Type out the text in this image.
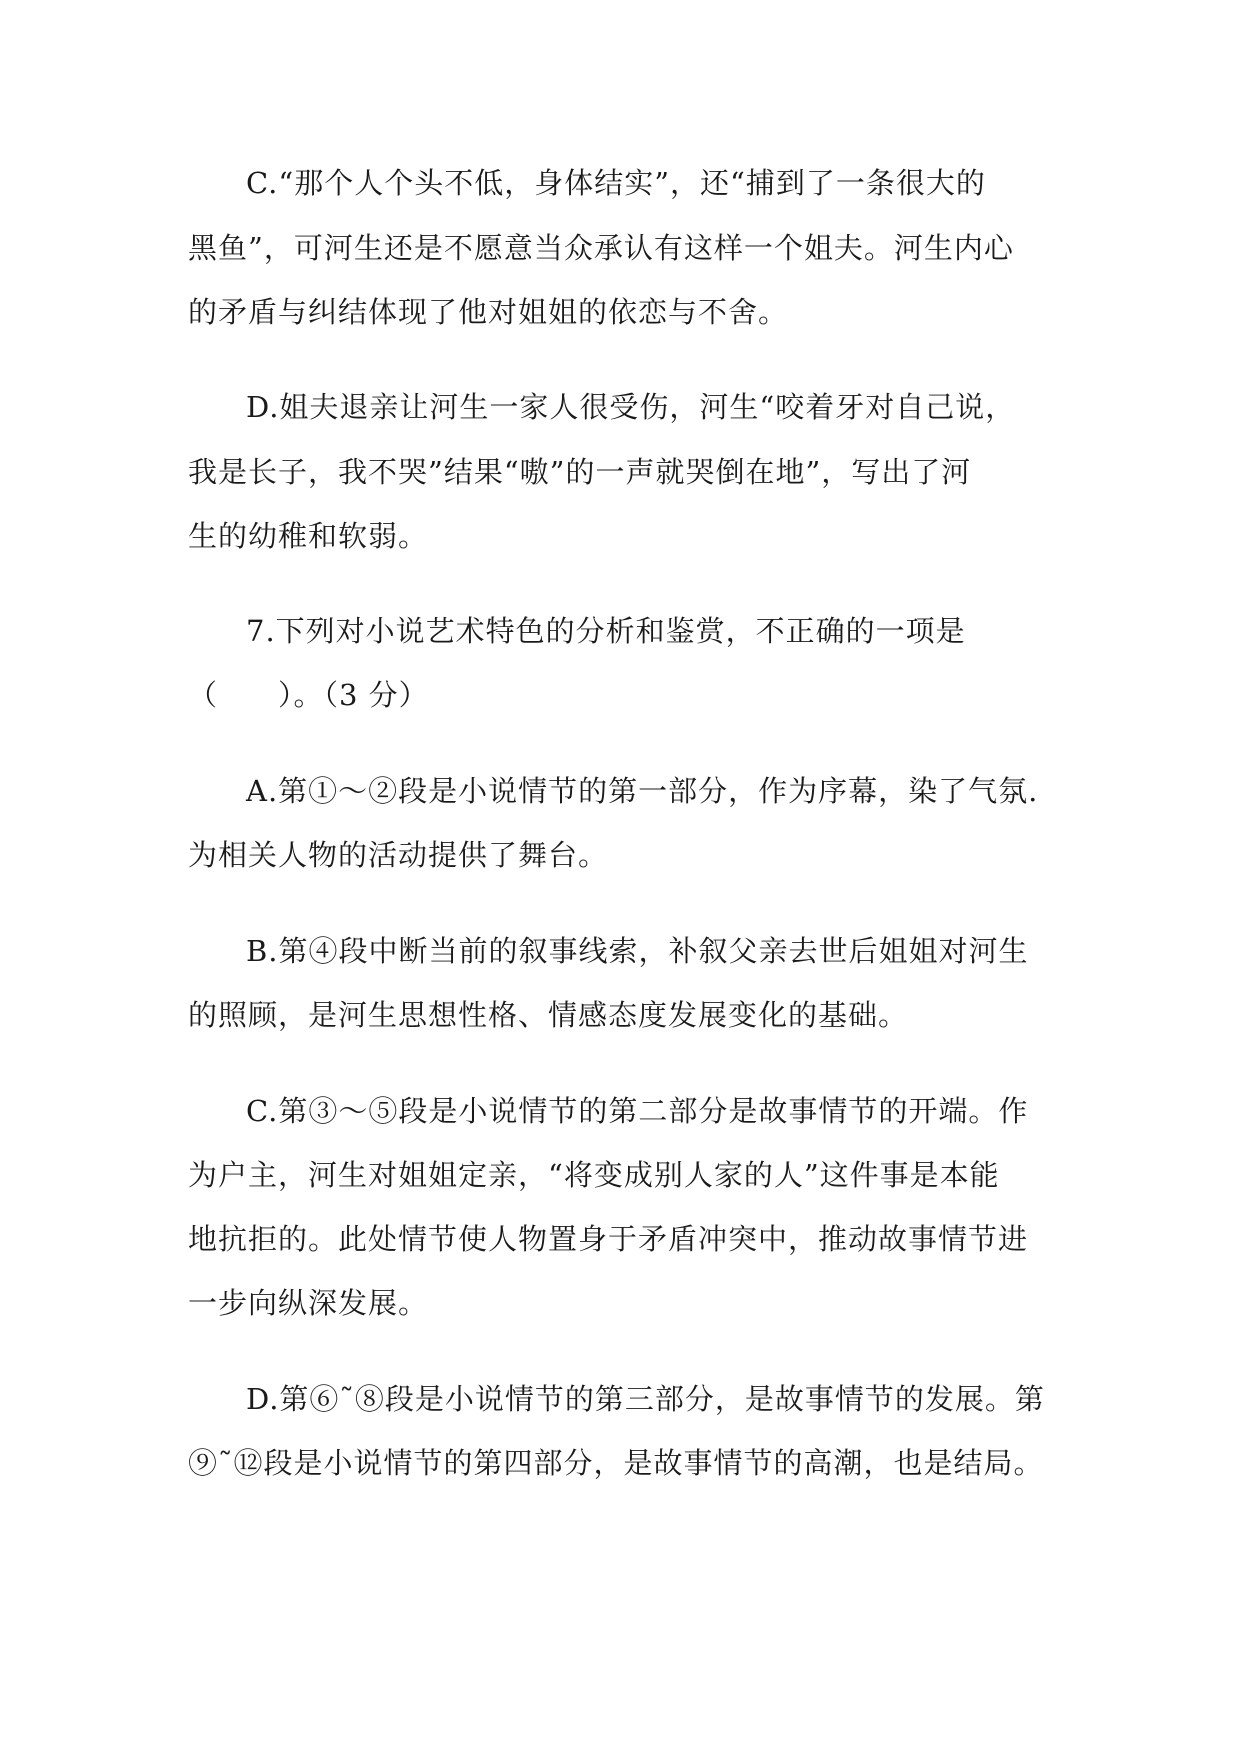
C.“那个人个头不低，身体结实”，还“捕到了一条很大的
黑鱼”，可河生还是不愿意当众承认有这样一个姐夫。河生内心
的矛盾与纠结体现了他对姐姐的依恋与不舍。
D.姐夫退亲让河生一家人很受伤，河生“咬着牙对自己说，
我是长子，我不哭”结果“嗷”的一声就哭倒在地”，写出了河
生的幼稚和软弱。
7.下列对小说艺术特色的分析和鉴赏，不正确的一项是
（　　）。（3 分）
A.第①～②段是小说情节的第一部分，作为序幕，染了气氛.
为相关人物的活动提供了舞台。
B.第④段中断当前的叙事线索，补叙父亲去世后姐姐对河生
的照顾，是河生思想性格、情感态度发展变化的基础。
C.第③～⑤段是小说情节的第二部分是故事情节的开端。作
为户主，河生对姐姐定亲，“将变成别人家的人”这件事是本能
地抗拒的。此处情节使人物置身于矛盾冲突中，推动故事情节进
一步向纵深发展。
D.第⑥˜⑧段是小说情节的第三部分，是故事情节的发展。第
⑨˜⑫段是小说情节的第四部分，是故事情节的高潮，也是结局。
